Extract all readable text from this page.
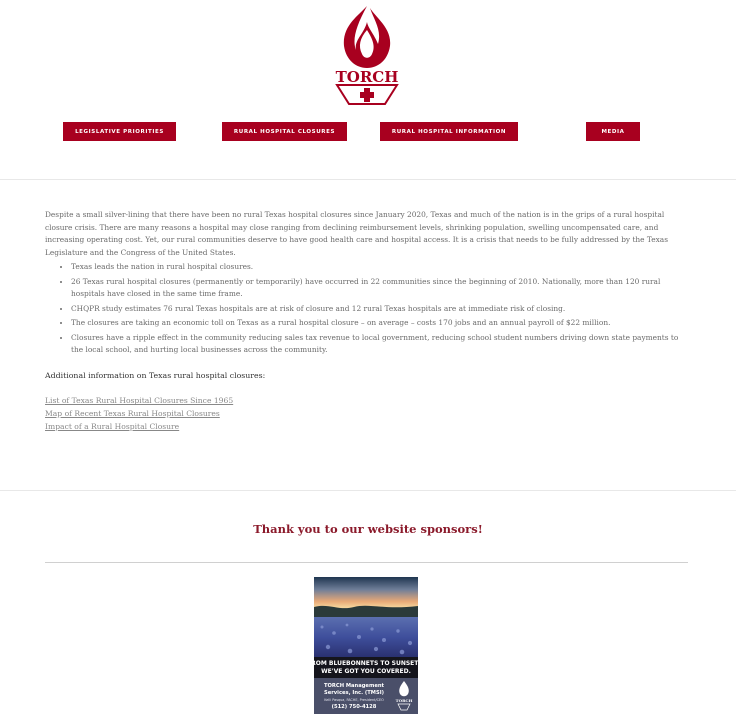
TORCH
LEGISLATIVE PRIORITIES	RURAL HOSPITAL CLOSURES	RURAL HOSPITAL INFORMATION	MEDIA

Despite a small silver-lining that there have been no rural Texas hospital closures since January 2020, Texas and much of the nation is in the grips of a rural hospital closure crisis. There are many reasons a hospital may close ranging from declining reimbursement levels, shrinking population, swelling uncompensated care, and increasing operating cost. Yet, our rural communities deserve to have good health care and hospital access. It is a crisis that needs to be fully addressed by the Texas Legislature and the Congress of the United States.

• Texas leads the nation in rural hospital closures.
• 26 Texas rural hospital closures (permanently or temporarily) have occurred in 22 communities since the beginning of 2010. Nationally, more than 120 rural hospitals have closed in the same time frame.
• CHQPR study estimates 76 rural Texas hospitals are at risk of closure and 12 rural Texas hospitals are at immediate risk of closing.
• The closures are taking an economic toll on Texas as a rural hospital closure – on average – costs 170 jobs and an annual payroll of $22 million.
• Closures have a ripple effect in the community reducing sales tax revenue to local government, reducing school student numbers driving down state payments to the local school, and hurting local businesses across the community.

Additional information on Texas rural hospital closures:

List of Texas Rural Hospital Closures Since 1965
Map of Recent Texas Rural Hospital Closures
Impact of a Rural Hospital Closure
Thank you to our website sponsors!
FROM BLUEBONNETS TO SUNSETS,
WE'VE GOT YOU COVERED.
TORCH Management
Services, Inc. (TMSI)
Kelli Pasqua, FACHE, President/CEO
(512) 750-4128
TORCH
